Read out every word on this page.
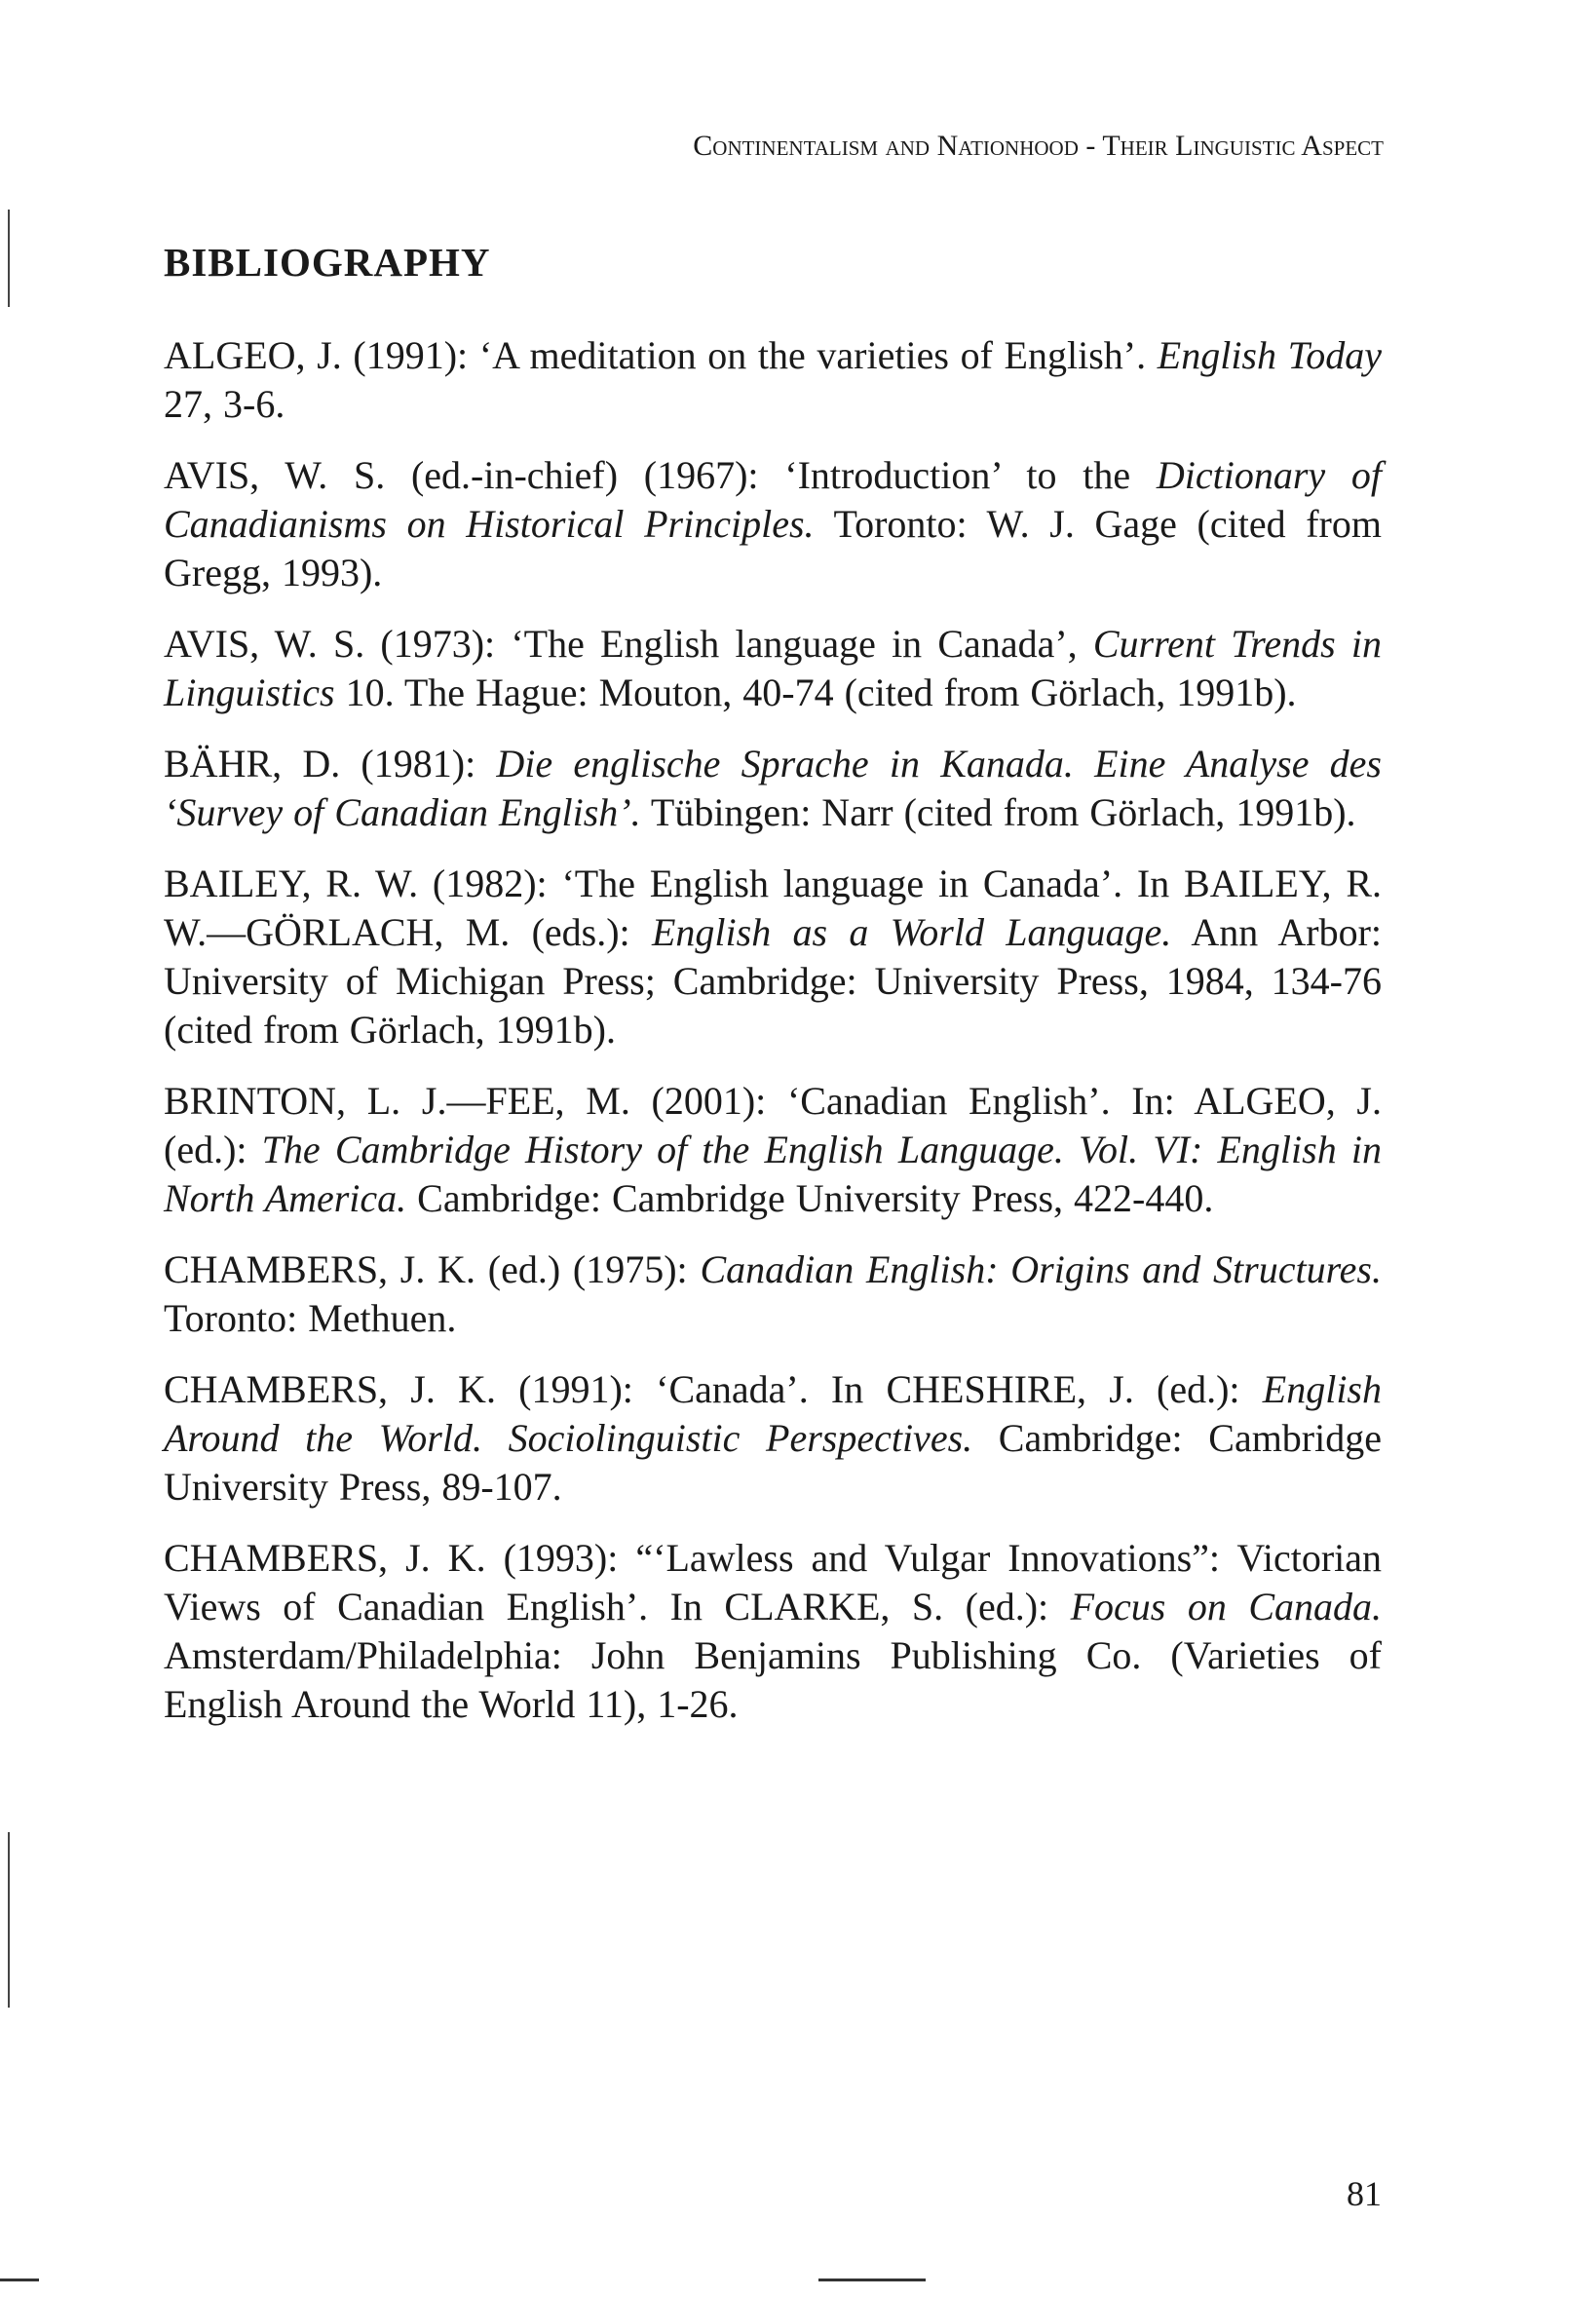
Continentalism and Nationhood - Their Linguistic Aspect
BIBLIOGRAPHY

ALGEO, J. (1991): ‘A meditation on the varieties of English’. English Today 27, 3-6.

AVIS, W. S. (ed.-in-chief) (1967): ‘Introduction’ to the Dictionary of Canadianisms on Historical Principles. Toronto: W. J. Gage (cited from Gregg, 1993).

AVIS, W. S. (1973): ‘The English language in Canada’, Current Trends in Linguistics 10. The Hague: Mouton, 40-74 (cited from Görlach, 1991b).

BÄHR, D. (1981): Die englische Sprache in Kanada. Eine Analyse des ‘Survey of Canadian English’. Tübingen: Narr (cited from Görlach, 1991b).

BAILEY, R. W. (1982): ‘The English language in Canada’. In BAILEY, R. W.—GÖRLACH, M. (eds.): English as a World Language. Ann Arbor: University of Michigan Press; Cambridge: University Press, 1984, 134-76 (cited from Görlach, 1991b).

BRINTON, L. J.—FEE, M. (2001): ‘Canadian English’. In: ALGEO, J. (ed.): The Cambridge History of the English Language. Vol. VI: English in North America. Cambridge: Cambridge University Press, 422-440.

CHAMBERS, J. K. (ed.) (1975): Canadian English: Origins and Structures. Toronto: Methuen.

CHAMBERS, J. K. (1991): ‘Canada’. In CHESHIRE, J. (ed.): English Around the World. Sociolinguistic Perspectives. Cambridge: Cambridge University Press, 89-107.

CHAMBERS, J. K. (1993): “‘Lawless and Vulgar Innovations”: Victorian Views of Canadian English’. In CLARKE, S. (ed.): Focus on Canada. Amsterdam/Philadelphia: John Benjamins Publishing Co. (Varieties of English Around the World 11), 1-26.

81
